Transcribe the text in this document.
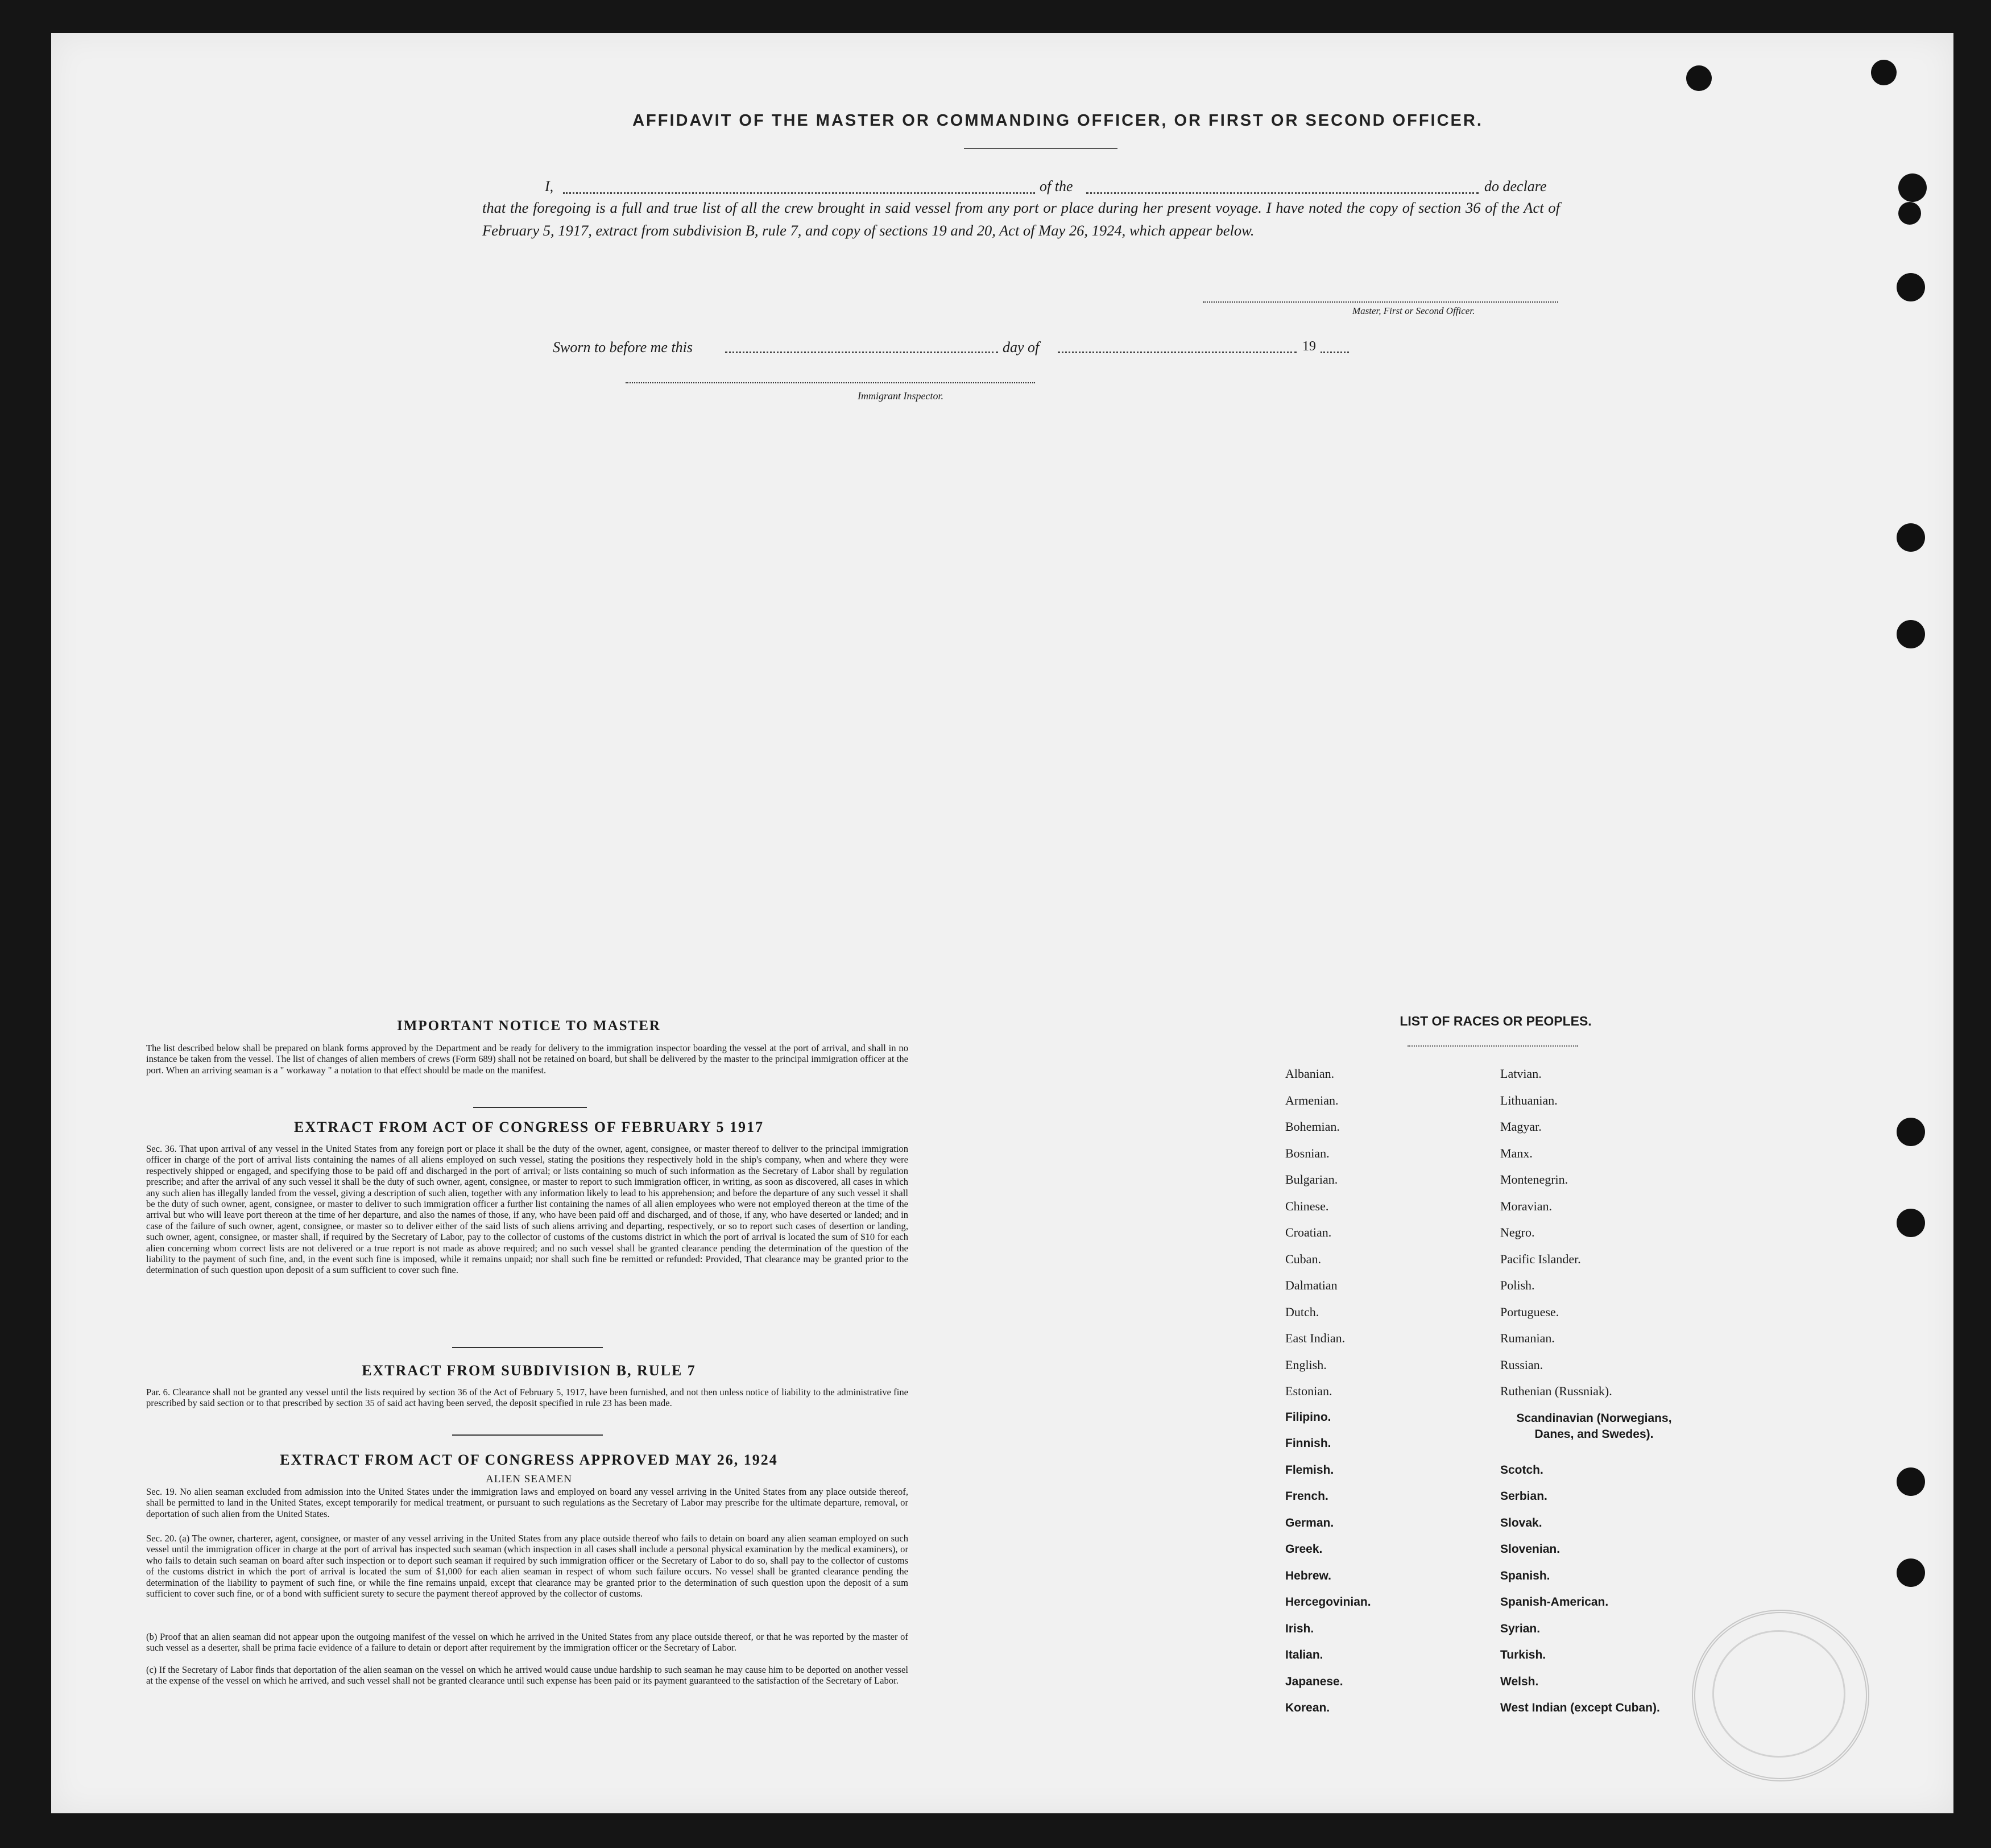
AFFIDAVIT OF THE MASTER OR COMMANDING OFFICER, OR FIRST OR SECOND OFFICER.
I,	of the	do declare
that the foregoing is a full and true list of all the crew brought in said vessel from any port or place during her present voyage. I have noted the copy of section 36 of the Act of February 5, 1917, extract from subdivision B, rule 7, and copy of sections 19 and 20, Act of May 26, 1924, which appear below.
Master, First or Second Officer.
Sworn to before me this	day of	19
Immigrant Inspector.
IMPORTANT NOTICE TO MASTER
The list described below shall be prepared on blank forms approved by the Department and be ready for delivery to the immigration inspector boarding the vessel at the port of arrival, and shall in no instance be taken from the vessel. The list of changes of alien members of crews (Form 689) shall not be retained on board, but shall be delivered by the master to the principal immigration officer at the port. When an arriving seaman is a " workaway " a notation to that effect should be made on the manifest.
EXTRACT FROM ACT OF CONGRESS OF FEBRUARY 5 1917
Sec. 36. That upon arrival of any vessel in the United States from any foreign port or place it shall be the duty of the owner, agent, consignee, or master thereof to deliver to the principal immigration officer in charge of the port of arrival lists containing the names of all aliens employed on such vessel, stating the positions they respectively hold in the ship's company, when and where they were respectively shipped or engaged, and specifying those to be paid off and discharged in the port of arrival; or lists containing so much of such information as the Secretary of Labor shall by regulation prescribe; and after the arrival of any such vessel it shall be the duty of such owner, agent, consignee, or master to report to such immigration officer, in writing, as soon as discovered, all cases in which any such alien has illegally landed from the vessel, giving a description of such alien, together with any information likely to lead to his apprehension; and before the departure of any such vessel it shall be the duty of such owner, agent, consignee, or master to deliver to such immigration officer a further list containing the names of all alien employees who were not employed thereon at the time of the arrival but who will leave port thereon at the time of her departure, and also the names of those, if any, who have been paid off and discharged, and of those, if any, who have deserted or landed; and in case of the failure of such owner, agent, consignee, or master so to deliver either of the said lists of such aliens arriving and departing, respectively, or so to report such cases of desertion or landing, such owner, agent, consignee, or master shall, if required by the Secretary of Labor, pay to the collector of customs of the customs district in which the port of arrival is located the sum of $10 for each alien concerning whom correct lists are not delivered or a true report is not made as above required; and no such vessel shall be granted clearance pending the determination of the question of the liability to the payment of such fine, and, in the event such fine is imposed, while it remains unpaid; nor shall such fine be remitted or refunded: Provided, That clearance may be granted prior to the determination of such question upon deposit of a sum sufficient to cover such fine.
EXTRACT FROM SUBDIVISION B, RULE 7
Par. 6. Clearance shall not be granted any vessel until the lists required by section 36 of the Act of February 5, 1917, have been furnished, and not then unless notice of liability to the administrative fine prescribed by said section or to that prescribed by section 35 of said act having been served, the deposit specified in rule 23 has been made.
EXTRACT FROM ACT OF CONGRESS APPROVED MAY 26, 1924
ALIEN SEAMEN
Sec. 19. No alien seaman excluded from admission into the United States under the immigration laws and employed on board any vessel arriving in the United States from any place outside thereof, shall be permitted to land in the United States, except temporarily for medical treatment, or pursuant to such regulations as the Secretary of Labor may prescribe for the ultimate departure, removal, or deportation of such alien from the United States.
Sec. 20. (a) The owner, charterer, agent, consignee, or master of any vessel arriving in the United States from any place outside thereof who fails to detain on board any alien seaman employed on such vessel until the immigration officer in charge at the port of arrival has inspected such seaman (which inspection in all cases shall include a personal physical examination by the medical examiners), or who fails to detain such seaman on board after such inspection or to deport such seaman if required by such immigration officer or the Secretary of Labor to do so, shall pay to the collector of customs of the customs district in which the port of arrival is located the sum of $1,000 for each alien seaman in respect of whom such failure occurs. No vessel shall be granted clearance pending the determination of the liability to payment of such fine, or while the fine remains unpaid, except that clearance may be granted prior to the determination of such question upon the deposit of a sum sufficient to cover such fine, or of a bond with sufficient surety to secure the payment thereof approved by the collector of customs.
(b) Proof that an alien seaman did not appear upon the outgoing manifest of the vessel on which he arrived in the United States from any place outside thereof, or that he was reported by the master of such vessel as a deserter, shall be prima facie evidence of a failure to detain or deport after requirement by the immigration officer or the Secretary of Labor.
(c) If the Secretary of Labor finds that deportation of the alien seaman on the vessel on which he arrived would cause undue hardship to such seaman he may cause him to be deported on another vessel at the expense of the vessel on which he arrived, and such vessel shall not be granted clearance until such expense has been paid or its payment guaranteed to the satisfaction of the Secretary of Labor.
LIST OF RACES OR PEOPLES.
Albanian.
Armenian.
Bohemian.
Bosnian.
Bulgarian.
Chinese.
Croatian.
Cuban.
Dalmatian
Dutch.
East Indian.
English.
Estonian.
Filipino.
Finnish.
Flemish.
French.
German.
Greek.
Hebrew.
Hercegovinian.
Irish.
Italian.
Japanese.
Korean.
Latvian.
Lithuanian.
Magyar.
Manx.
Montenegrin.
Moravian.
Negro.
Pacific Islander.
Polish.
Portuguese.
Rumanian.
Russian.
Ruthenian (Russniak).
Scandinavian (Norwegians, Danes, and Swedes).
Scotch.
Serbian.
Slovak.
Slovenian.
Spanish.
Spanish-American.
Syrian.
Turkish.
Welsh.
West Indian (except Cuban).
